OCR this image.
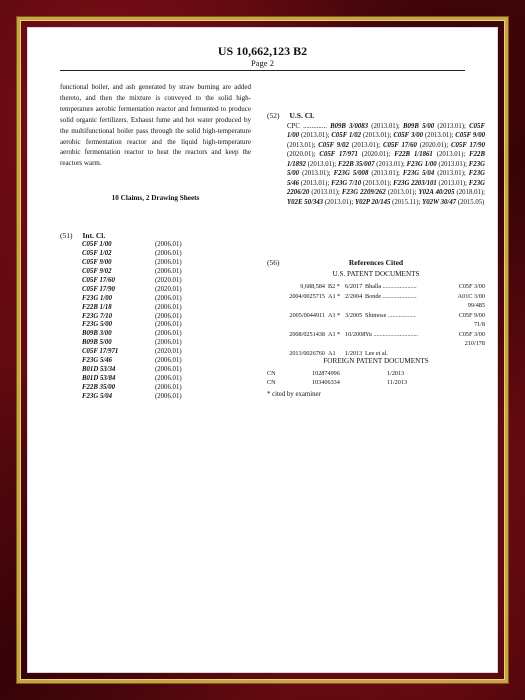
US 10,662,123 B2
Page 2

functional boiler, and ash generated by straw burning are added thereto, and then the mixture is conveyed to the solid high-temperature aerobic fermentation reactor and fermented to produce solid organic fertilizers. Exhaust fume and hot water produced by the multifunctional boiler pass through the solid high-temperature aerobic fermentation reactor and the liquid high-temperature aerobic fermentation reactor to heat the reactors and keep the reactors warm.

10 Claims, 2 Drawing Sheets
(51) Int. Cl.
C05F 1/00	(2006.01)
C05F 1/02	(2006.01)
C05F 9/00	(2006.01)
C05F 9/02	(2006.01)
C05F 17/60	(2020.01)
C05F 17/90	(2020.01)
F23G 1/00	(2006.01)
F22B 1/18	(2006.01)
F23G 7/10	(2006.01)
F23G 5/00	(2006.01)
B09B 3/00	(2006.01)
B09B 5/00	(2006.01)
C05F 17/971	(2020.01)
F23G 5/46	(2006.01)
B01D 53/34	(2006.01)
B01D 53/84	(2006.01)
F22B 35/00	(2006.01)
F23G 5/04	(2006.01)
(52) U.S. Cl.

CPC .............. B09B 3/0083 (2013.01); B09B 5/00 (2013.01); C05F 1/00 (2013.01); C05F 1/02 (2013.01); C05F 3/00 (2013.01); C05F 9/00 (2013.01); C05F 9/02 (2013.01); C05F 17/60 (2020.01); C05F 17/90 (2020.01); C05F 17/971 (2020.01); F22B 1/1861 (2013.01); F22B 1/1892 (2013.01); F22B 35/007 (2013.01); F23G 1/00 (2013.01); F23G 5/00 (2013.01); F23G 5/008 (2013.01); F23G 5/04 (2013.01); F23G 5/46 (2013.01); F23G 7/10 (2013.01); F23G 2203/101 (2013.01); F23G 2206/20 (2013.01); F23G 2209/262 (2013.01); Y02A 40/205 (2018.01); Y02E 50/343 (2013.01); Y02P 20/145 (2015.11); Y02W 30/47 (2015.05)

(56)	References Cited
U.S. PATENT DOCUMENTS
9,688,584 B2 * 6/2017 Bhalla ......................	C05F 3/00
2004/0025715 A1 * 2/2004 Bonde ......................	A01C 3/00
99/485
2005/0044911 A1 * 3/2005 Shimose ..................	C05F 9/00
71/8
2008/0251438 A1 * 10/2008 Yu .............................	C05F 3/00
210/178
2013/0026760 A1 1/2013 Lee et al.
FOREIGN PATENT DOCUMENTS
CN	102874996	1/2013
CN	103406334	11/2013
* cited by examiner
